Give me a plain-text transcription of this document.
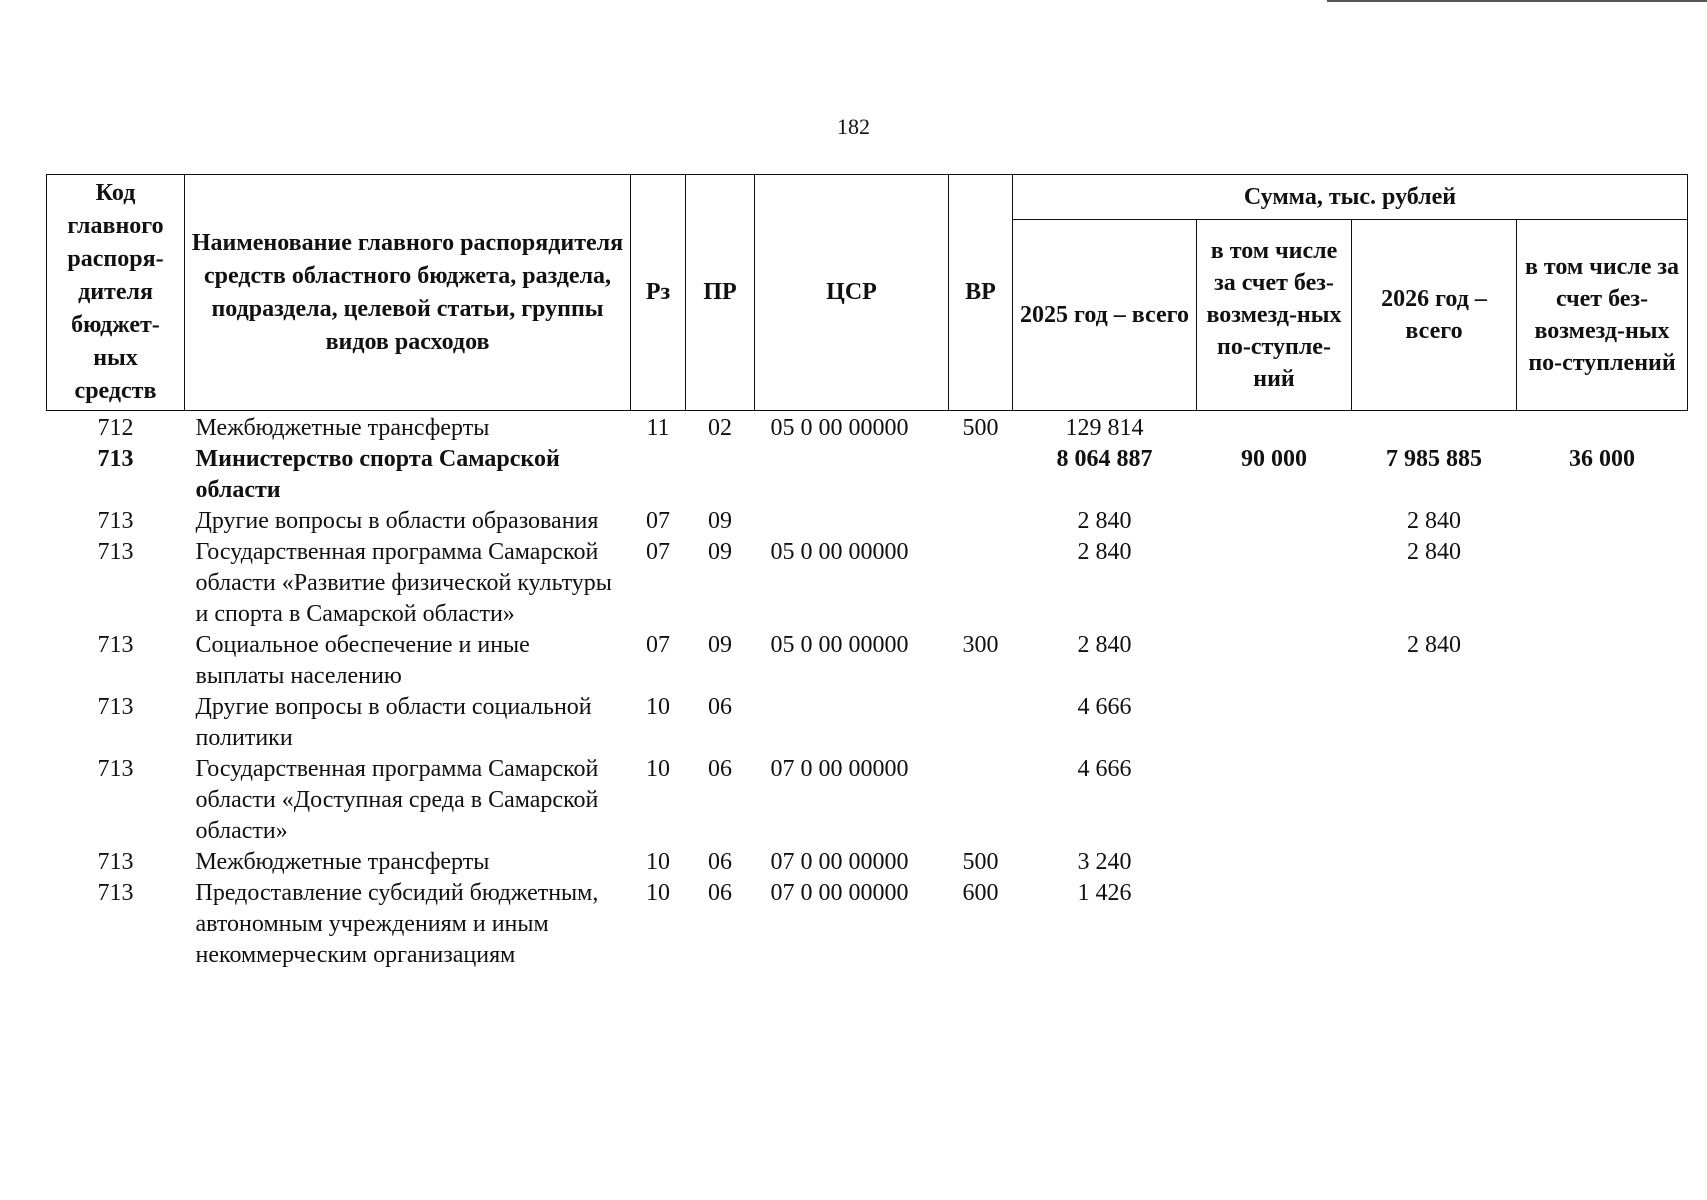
182
Код главного распоря-дителя бюджет-ных средств	Наименование главного распорядителя средств областного бюджета, раздела, подраздела, целевой статьи, группы видов расходов	Рз	ПР	ЦСР	ВР	Сумма, тыс. рублей			
						2025 год – всего	в том числе за счет без-возмезд-ных по-ступле-ний	2026 год – всего	в том числе за счет без-возмезд-ных по-ступлений
712	Межбюджетные трансферты	11	02	05 0 00 00000	500	129 814			
713	Министерство спорта Самарской области					8 064 887	90 000	7 985 885	36 000
713	Другие вопросы в области образования	07	09			2 840		2 840	
713	Государственная программа Самарской области «Развитие физической культуры и спорта в Самарской области»	07	09	05 0 00 00000		2 840		2 840	
713	Социальное обеспечение и иные выплаты населению	07	09	05 0 00 00000	300	2 840		2 840	
713	Другие вопросы в области социальной политики	10	06			4 666			
713	Государственная программа Самарской области «Доступная среда в Самарской области»	10	06	07 0 00 00000		4 666			
713	Межбюджетные трансферты	10	06	07 0 00 00000	500	3 240			
713	Предоставление субсидий бюджетным, автономным учреждениям и иным некоммерческим организациям	10	06	07 0 00 00000	600	1 426			
